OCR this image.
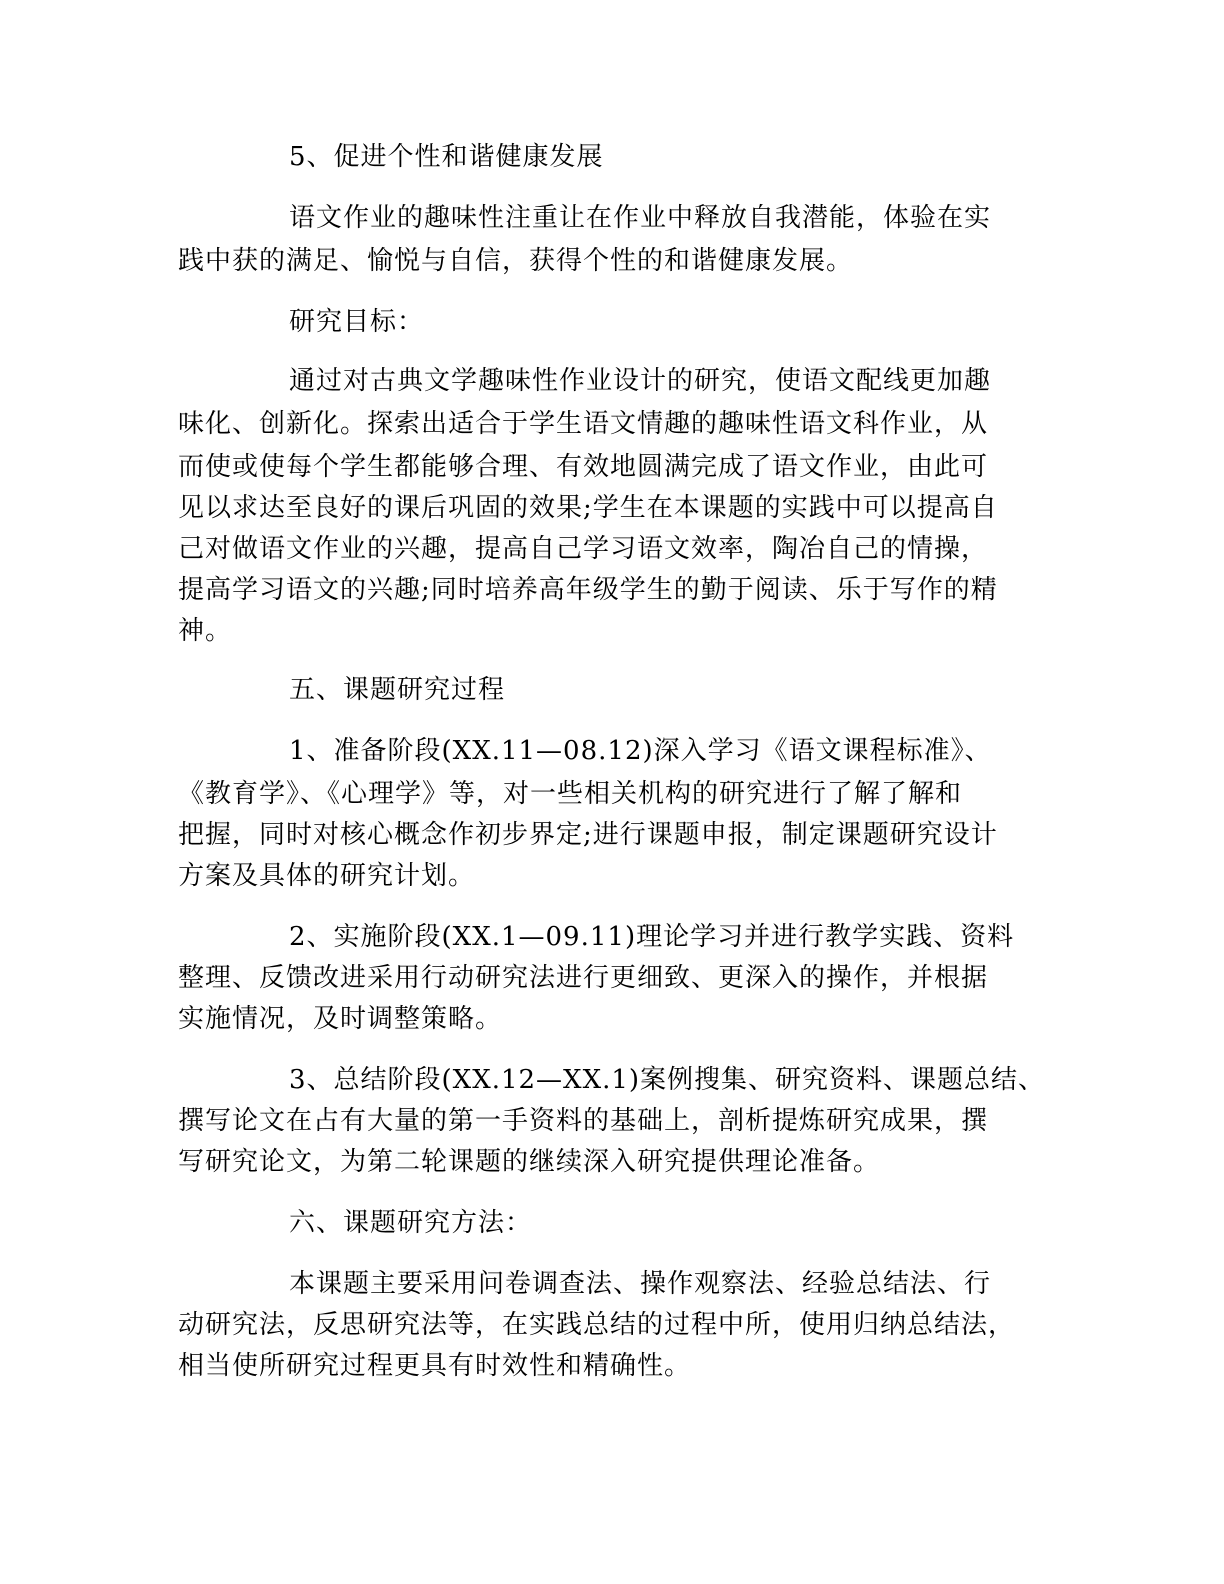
5、促进个性和谐健康发展
语文作业的趣味性注重让在作业中释放自我潜能，体验在实
践中获的满足、愉悦与自信，获得个性的和谐健康发展。
研究目标：
通过对古典文学趣味性作业设计的研究，使语文配线更加趣
味化、创新化。探索出适合于学生语文情趣的趣味性语文科作业，从
而使或使每个学生都能够合理、有效地圆满完成了语文作业，由此可
见以求达至良好的课后巩固的效果;学生在本课题的实践中可以提高自
己对做语文作业的兴趣，提高自己学习语文效率，陶冶自己的情操，
提高学习语文的兴趣;同时培养高年级学生的勤于阅读、乐于写作的精
神。
五、课题研究过程
1、准备阶段(XX.11—08.12)深入学习《语文课程标准》、
《教育学》、《心理学》等，对一些相关机构的研究进行了解了解和
把握，同时对核心概念作初步界定;进行课题申报，制定课题研究设计
方案及具体的研究计划。
2、实施阶段(XX.1—09.11)理论学习并进行教学实践、资料
整理、反馈改进采用行动研究法进行更细致、更深入的操作，并根据
实施情况，及时调整策略。
3、总结阶段(XX.12—XX.1)案例搜集、研究资料、课题总结、
撰写论文在占有大量的第一手资料的基础上，剖析提炼研究成果，撰
写研究论文，为第二轮课题的继续深入研究提供理论准备。
六、课题研究方法：
本课题主要采用问卷调查法、操作观察法、经验总结法、行
动研究法，反思研究法等，在实践总结的过程中所，使用归纳总结法，
相当使所研究过程更具有时效性和精确性。
